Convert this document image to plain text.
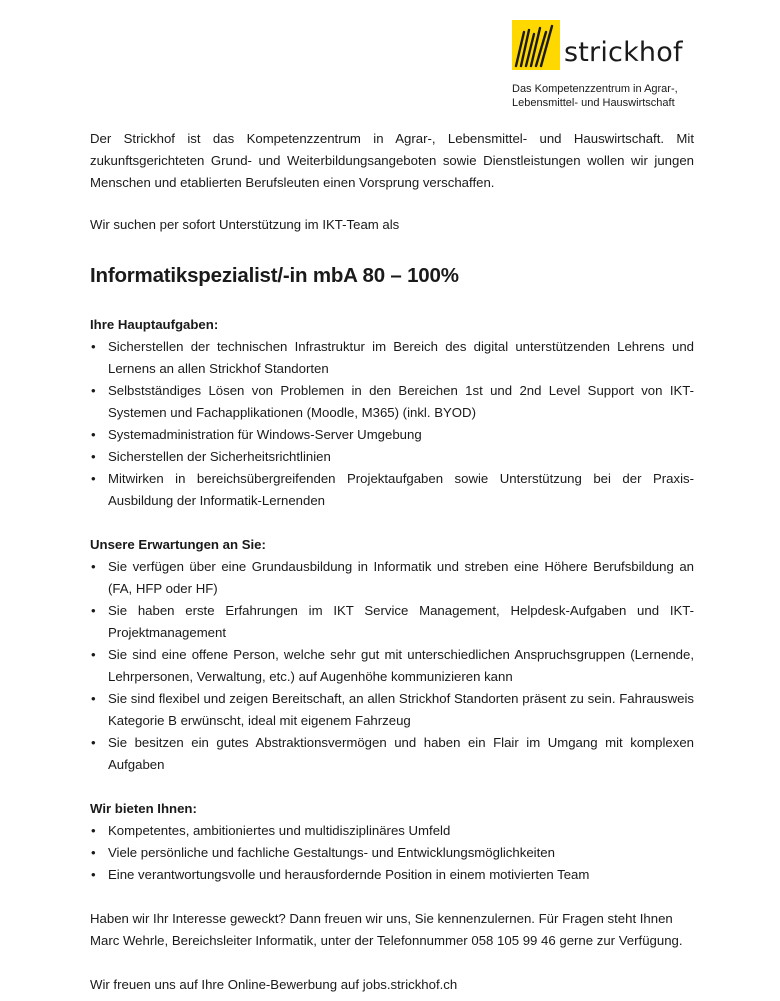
strickhof
Das Kompetenzzentrum in Agrar-,
Lebensmittel- und Hauswirtschaft

Der Strickhof ist das Kompetenzzentrum in Agrar-, Lebensmittel- und Hauswirtschaft. Mit zukunftsgerichteten Grund- und Weiterbildungsangeboten sowie Dienstleistungen wollen wir jungen Menschen und etablierten Berufsleuten einen Vorsprung verschaffen.

Wir suchen per sofort Unterstützung im IKT-Team als

Informatikspezialist/-in mbA 80 – 100%
Ihre Hauptaufgaben:
• Sicherstellen der technischen Infrastruktur im Bereich des digital unterstützenden Lehrens und Lernens an allen Strickhof Standorten
• Selbstständiges Lösen von Problemen in den Bereichen 1st und 2nd Level Support von IKT-Systemen und Fachapplikationen (Moodle, M365) (inkl. BYOD)
• Systemadministration für Windows-Server Umgebung
• Sicherstellen der Sicherheitsrichtlinien
• Mitwirken in bereichsübergreifenden Projektaufgaben sowie Unterstützung bei der Praxis-Ausbildung der Informatik-Lernenden
Unsere Erwartungen an Sie:
• Sie verfügen über eine Grundausbildung in Informatik und streben eine Höhere Berufsbildung an (FA, HFP oder HF)
• Sie haben erste Erfahrungen im IKT Service Management, Helpdesk-Aufgaben und IKT-Projektmanagement
• Sie sind eine offene Person, welche sehr gut mit unterschiedlichen Anspruchsgruppen (Lernende, Lehrpersonen, Verwaltung, etc.) auf Augenhöhe kommunizieren kann
• Sie sind flexibel und zeigen Bereitschaft, an allen Strickhof Standorten präsent zu sein. Fahrausweis Kategorie B erwünscht, ideal mit eigenem Fahrzeug
• Sie besitzen ein gutes Abstraktionsvermögen und haben ein Flair im Umgang mit komplexen Aufgaben
Wir bieten Ihnen:
• Kompetentes, ambitioniertes und multidisziplinäres Umfeld
• Viele persönliche und fachliche Gestaltungs- und Entwicklungsmöglichkeiten
• Eine verantwortungsvolle und herausfordernde Position in einem motivierten Team

Haben wir Ihr Interesse geweckt? Dann freuen wir uns, Sie kennenzulernen. Für Fragen steht Ihnen Marc Wehrle, Bereichsleiter Informatik, unter der Telefonnummer 058 105 99 46 gerne zur Verfügung.

Wir freuen uns auf Ihre Online-Bewerbung auf jobs.strickhof.ch
